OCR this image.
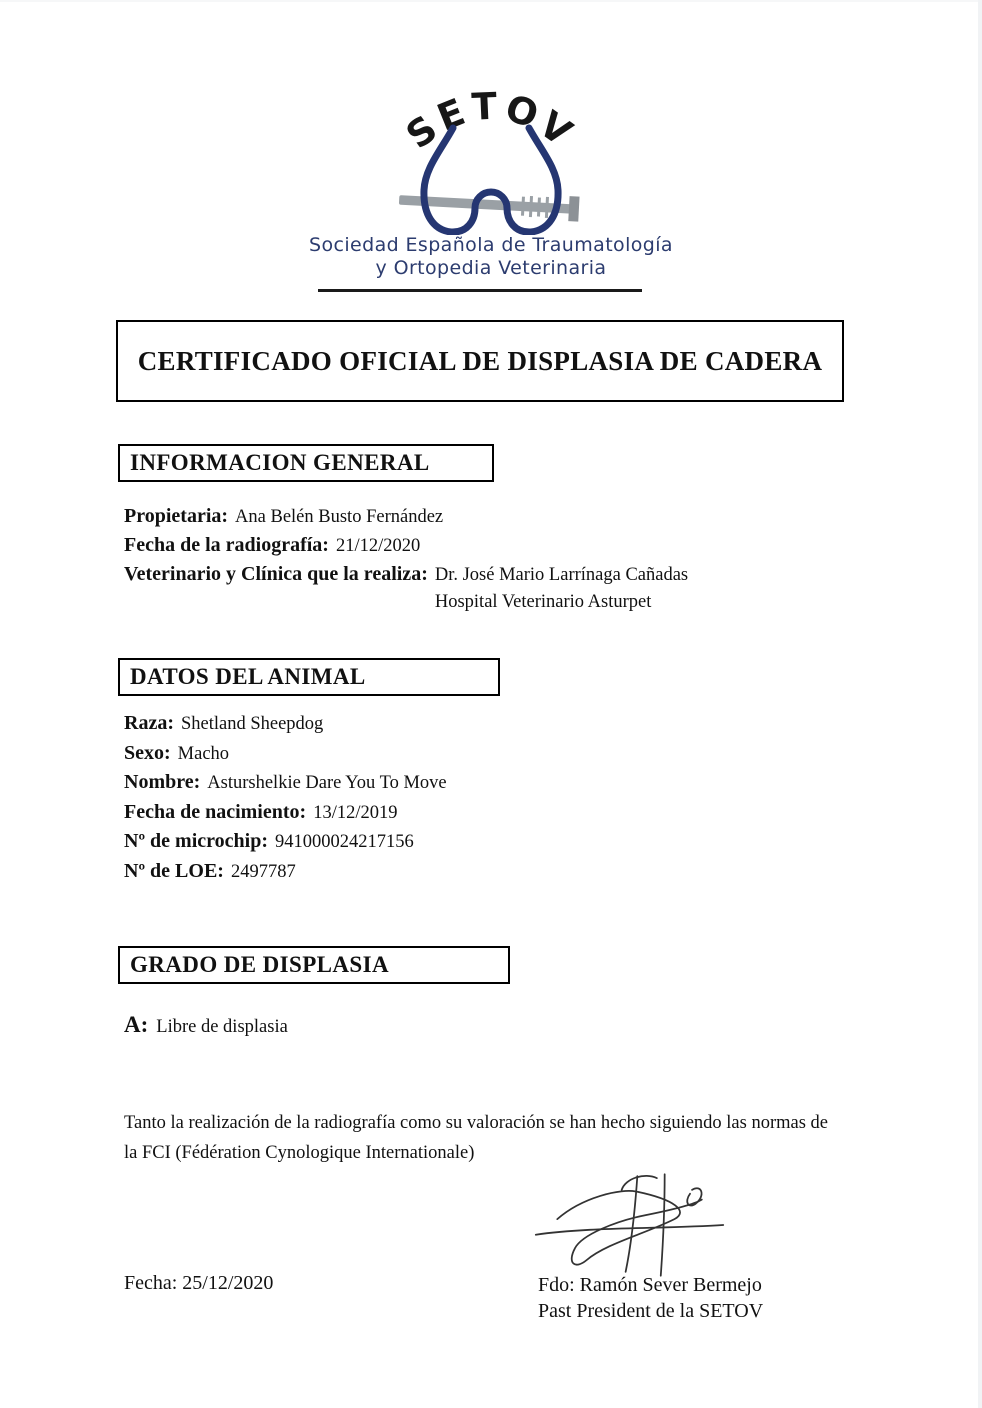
SETOV
Sociedad Española de Traumatología
y Ortopedia Veterinaria
CERTIFICADO OFICIAL DE DISPLASIA DE CADERA
INFORMACION GENERAL
Propietaria: Ana Belén Busto Fernández
Fecha de la radiografía: 21/12/2020
Veterinario y Clínica que la realiza: Dr. José Mario Larrínaga Cañadas
Hospital Veterinario Asturpet
DATOS DEL ANIMAL
Raza: Shetland Sheepdog
Sexo: Macho
Nombre: Asturshelkie Dare You To Move
Fecha de nacimiento: 13/12/2019
Nº de microchip: 941000024217156
Nº de LOE: 2497787
GRADO DE DISPLASIA
A: Libre de displasia
Tanto la realización de la radiografía como su valoración se han hecho siguiendo las normas de la FCI (Fédération Cynologique Internationale)
Fecha: 25/12/2020	Fdo: Ramón Sever Bermejo
Past President de la SETOV
